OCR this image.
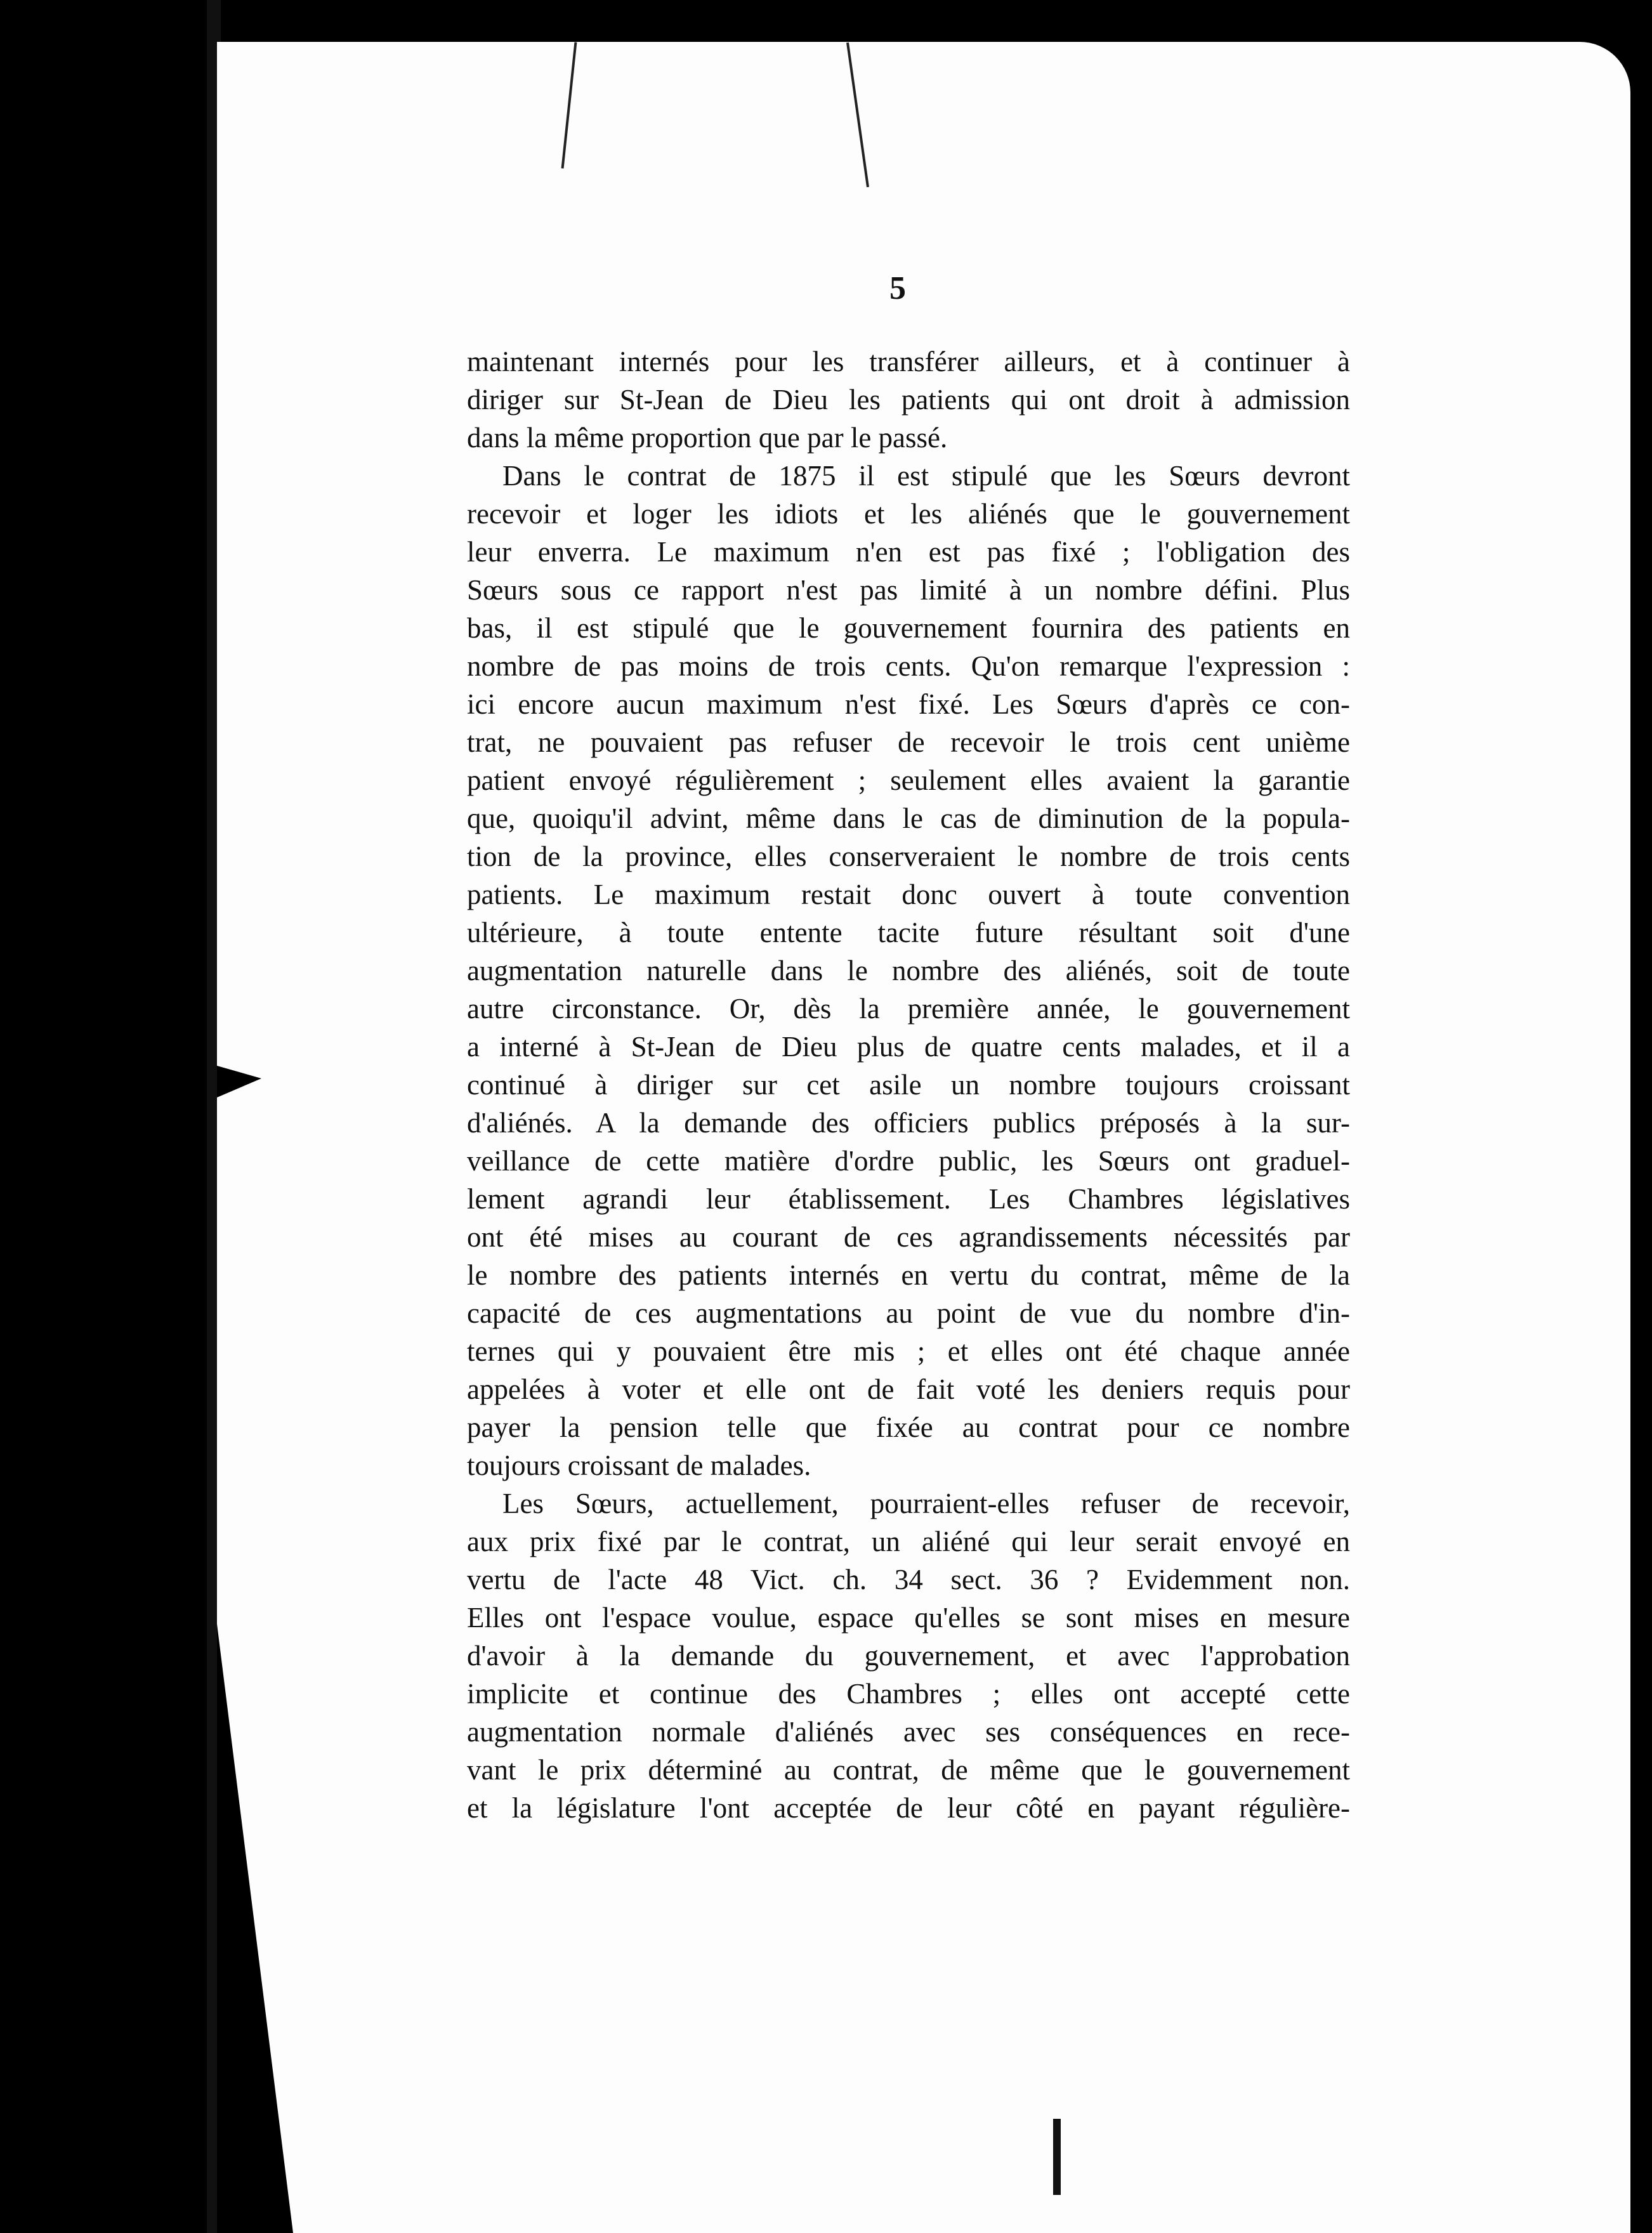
5
maintenant internés pour les transférer ailleurs, et à continuer à
diriger sur St-Jean de Dieu les patients qui ont droit à admission
dans la même proportion que par le passé.
Dans le contrat de 1875 il est stipulé que les Sœurs devront
recevoir et loger les idiots et les aliénés que le gouvernement
leur enverra. Le maximum n'en est pas fixé ; l'obligation des
Sœurs sous ce rapport n'est pas limité à un nombre défini. Plus
bas, il est stipulé que le gouvernement fournira des patients en
nombre de pas moins de trois cents. Qu'on remarque l'expression :
ici encore aucun maximum n'est fixé. Les Sœurs d'après ce con-
trat, ne pouvaient pas refuser de recevoir le trois cent unième
patient envoyé régulièrement ; seulement elles avaient la garantie
que, quoiqu'il advint, même dans le cas de diminution de la popula-
tion de la province, elles conserveraient le nombre de trois cents
patients. Le maximum restait donc ouvert à toute convention
ultérieure, à toute entente tacite future résultant soit d'une
augmentation naturelle dans le nombre des aliénés, soit de toute
autre circonstance. Or, dès la première année, le gouvernement
a interné à St-Jean de Dieu plus de quatre cents malades, et il a
continué à diriger sur cet asile un nombre toujours croissant
d'aliénés. A la demande des officiers publics préposés à la sur-
veillance de cette matière d'ordre public, les Sœurs ont graduel-
lement agrandi leur établissement. Les Chambres législatives
ont été mises au courant de ces agrandissements nécessités par
le nombre des patients internés en vertu du contrat, même de la
capacité de ces augmentations au point de vue du nombre d'in-
ternes qui y pouvaient être mis ; et elles ont été chaque année
appelées à voter et elle ont de fait voté les deniers requis pour
payer la pension telle que fixée au contrat pour ce nombre
toujours croissant de malades.
Les Sœurs, actuellement, pourraient-elles refuser de recevoir,
aux prix fixé par le contrat, un aliéné qui leur serait envoyé en
vertu de l'acte 48 Vict. ch. 34 sect. 36 ? Evidemment non.
Elles ont l'espace voulue, espace qu'elles se sont mises en mesure
d'avoir à la demande du gouvernement, et avec l'approbation
implicite et continue des Chambres ; elles ont accepté cette
augmentation normale d'aliénés avec ses conséquences en rece-
vant le prix déterminé au contrat, de même que le gouvernement
et la législature l'ont acceptée de leur côté en payant régulière-
